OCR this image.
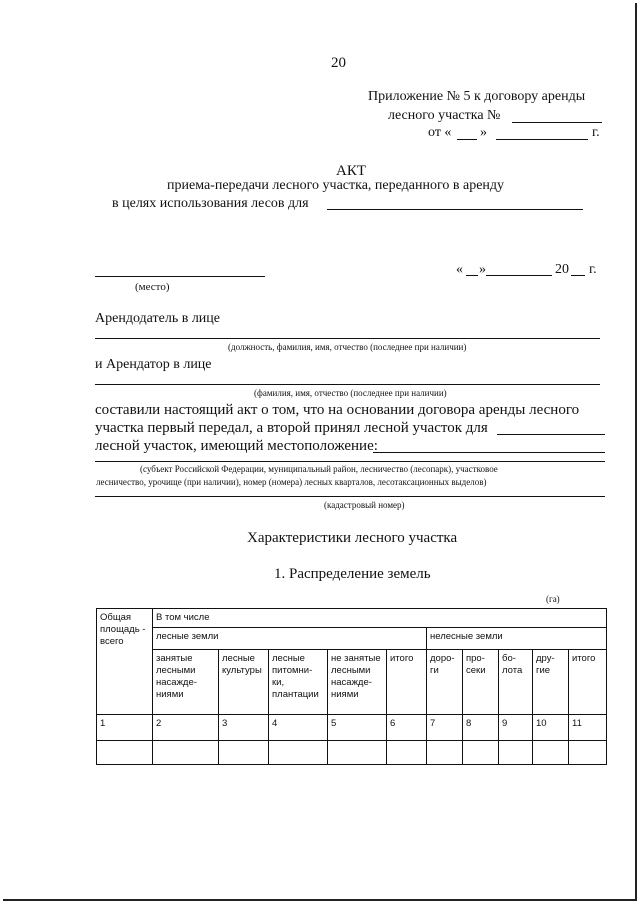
20
Приложение № 5 к договору аренды
лесного участка №
от « »	г.
АКТ
приема-передачи лесного участка, переданного в аренду
в целях использования лесов для
(место)
« »	20 г.
Арендодатель в лице
(должность, фамилия, имя, отчество (последнее при наличии)
и Арендатор в лице
(фамилия, имя, отчество (последнее при наличии)
составили настоящий акт о том, что на основании договора аренды лесного
участка первый передал, а второй принял лесной участок для
лесной участок, имеющий местоположение:
(субъект Российской Федерации, муниципальный район, лесничество (лесопарк), участковое
лесничество, урочище (при наличии), номер (номера) лесных кварталов, лесотаксационных выделов)
(кадастровый номер)
Характеристики лесного участка
1. Распределение земель
(га)
Общая площадь - всего	В том числе									
	лесные земли					нелесные земли				
	занятые лесными насажде- ниями	лесные культуры	лесные питомни- ки, плантации	не занятые лесными насажде- ниями	итого	доро- ги	про- секи	бо- лота	дру- гие	итого
1	2	3	4	5	6	7	8	9	10	11
